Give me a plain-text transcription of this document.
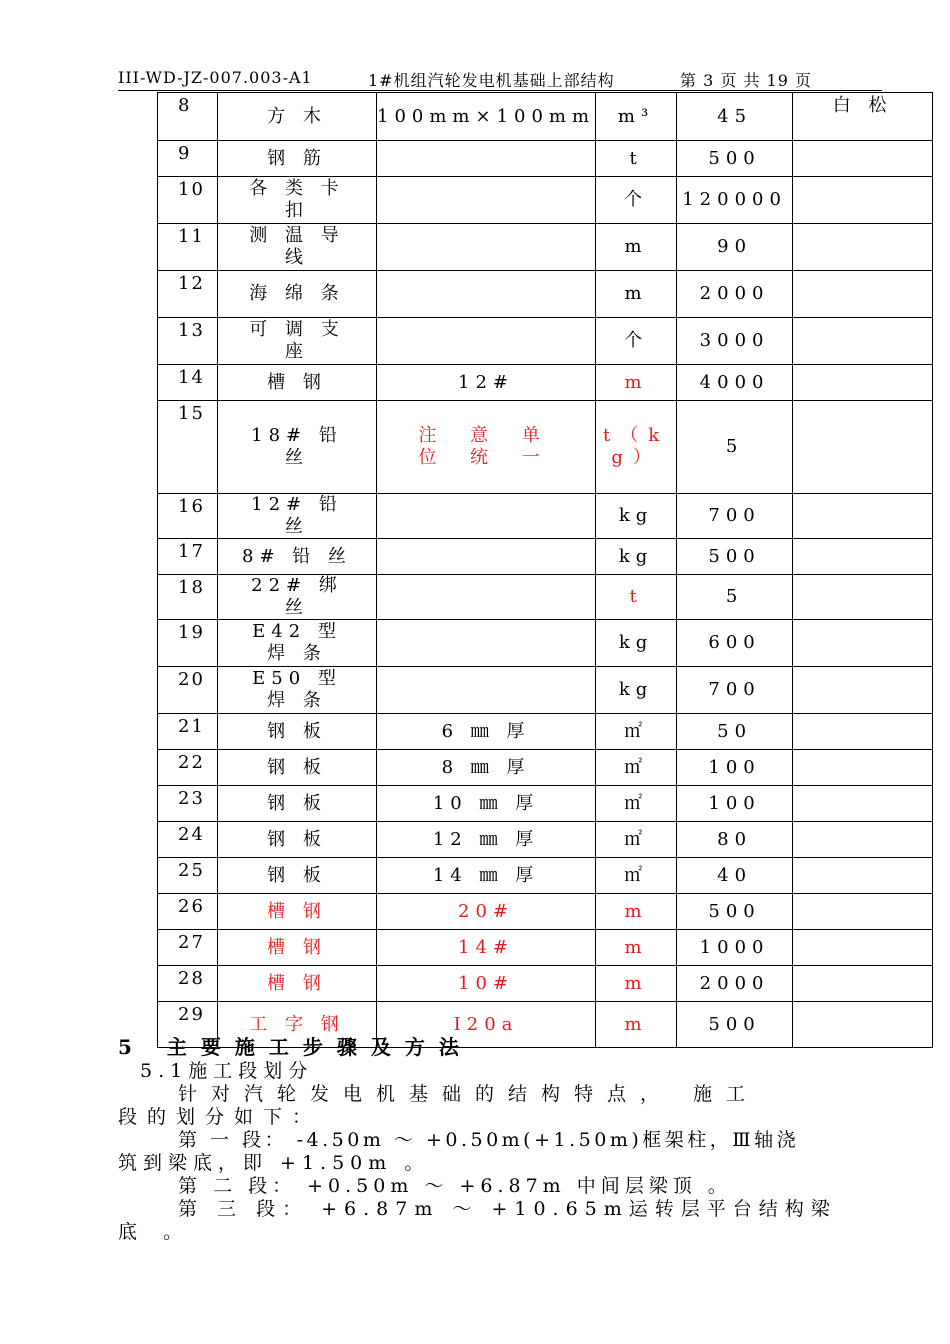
III-WD-JZ-007.003-A1	1#机组汽轮发电机基础上部结构	第 3 页 共 19 页
8	方 木	100mm×100mm	m³	45	白 松
9	钢 筋		t	500	
10	各 类 卡 扣		个	120000	
11	测 温 导 线		m	90	
12	海 绵 条		m	2000	
13	可 调 支 座		个	3000	
14	槽 钢	12#	m	4000	
15	18# 铅 丝	注 意 单 位 统 一	t（kg）	5	
16	12# 铅 丝		kg	700	
17	8# 铅 丝		kg	500	
18	22# 绑 丝		t	5	
19	E42 型 焊 条		kg	600	
20	E50 型 焊 条		kg	700	
21	钢 板	6 ㎜ 厚	㎡	50	
22	钢 板	8 ㎜ 厚	㎡	100	
23	钢 板	10 ㎜ 厚	㎡	100	
24	钢 板	12 ㎜ 厚	㎡	80	
25	钢 板	14 ㎜ 厚	㎡	40	
26	槽 钢	20#	m	500	
27	槽 钢	14#	m	1000	
28	槽 钢	10#	m	2000	
29	工 字 钢	I20a	m	500	
5 主要施工步骤及方法
5.1施工段划分
针对汽轮发电机基础的结构特点， 施工
段的划分如下：
第 一 段： -4.50m ～ +0.50m(+1.50m)框架柱，Ⅲ轴浇
筑到梁底，即 +1.50m 。
第 二 段： +0.50m ～ +6.87m 中间层梁顶 。
第 三 段： +6.87m ～ +10.65m运转层平台结构梁
底 。
